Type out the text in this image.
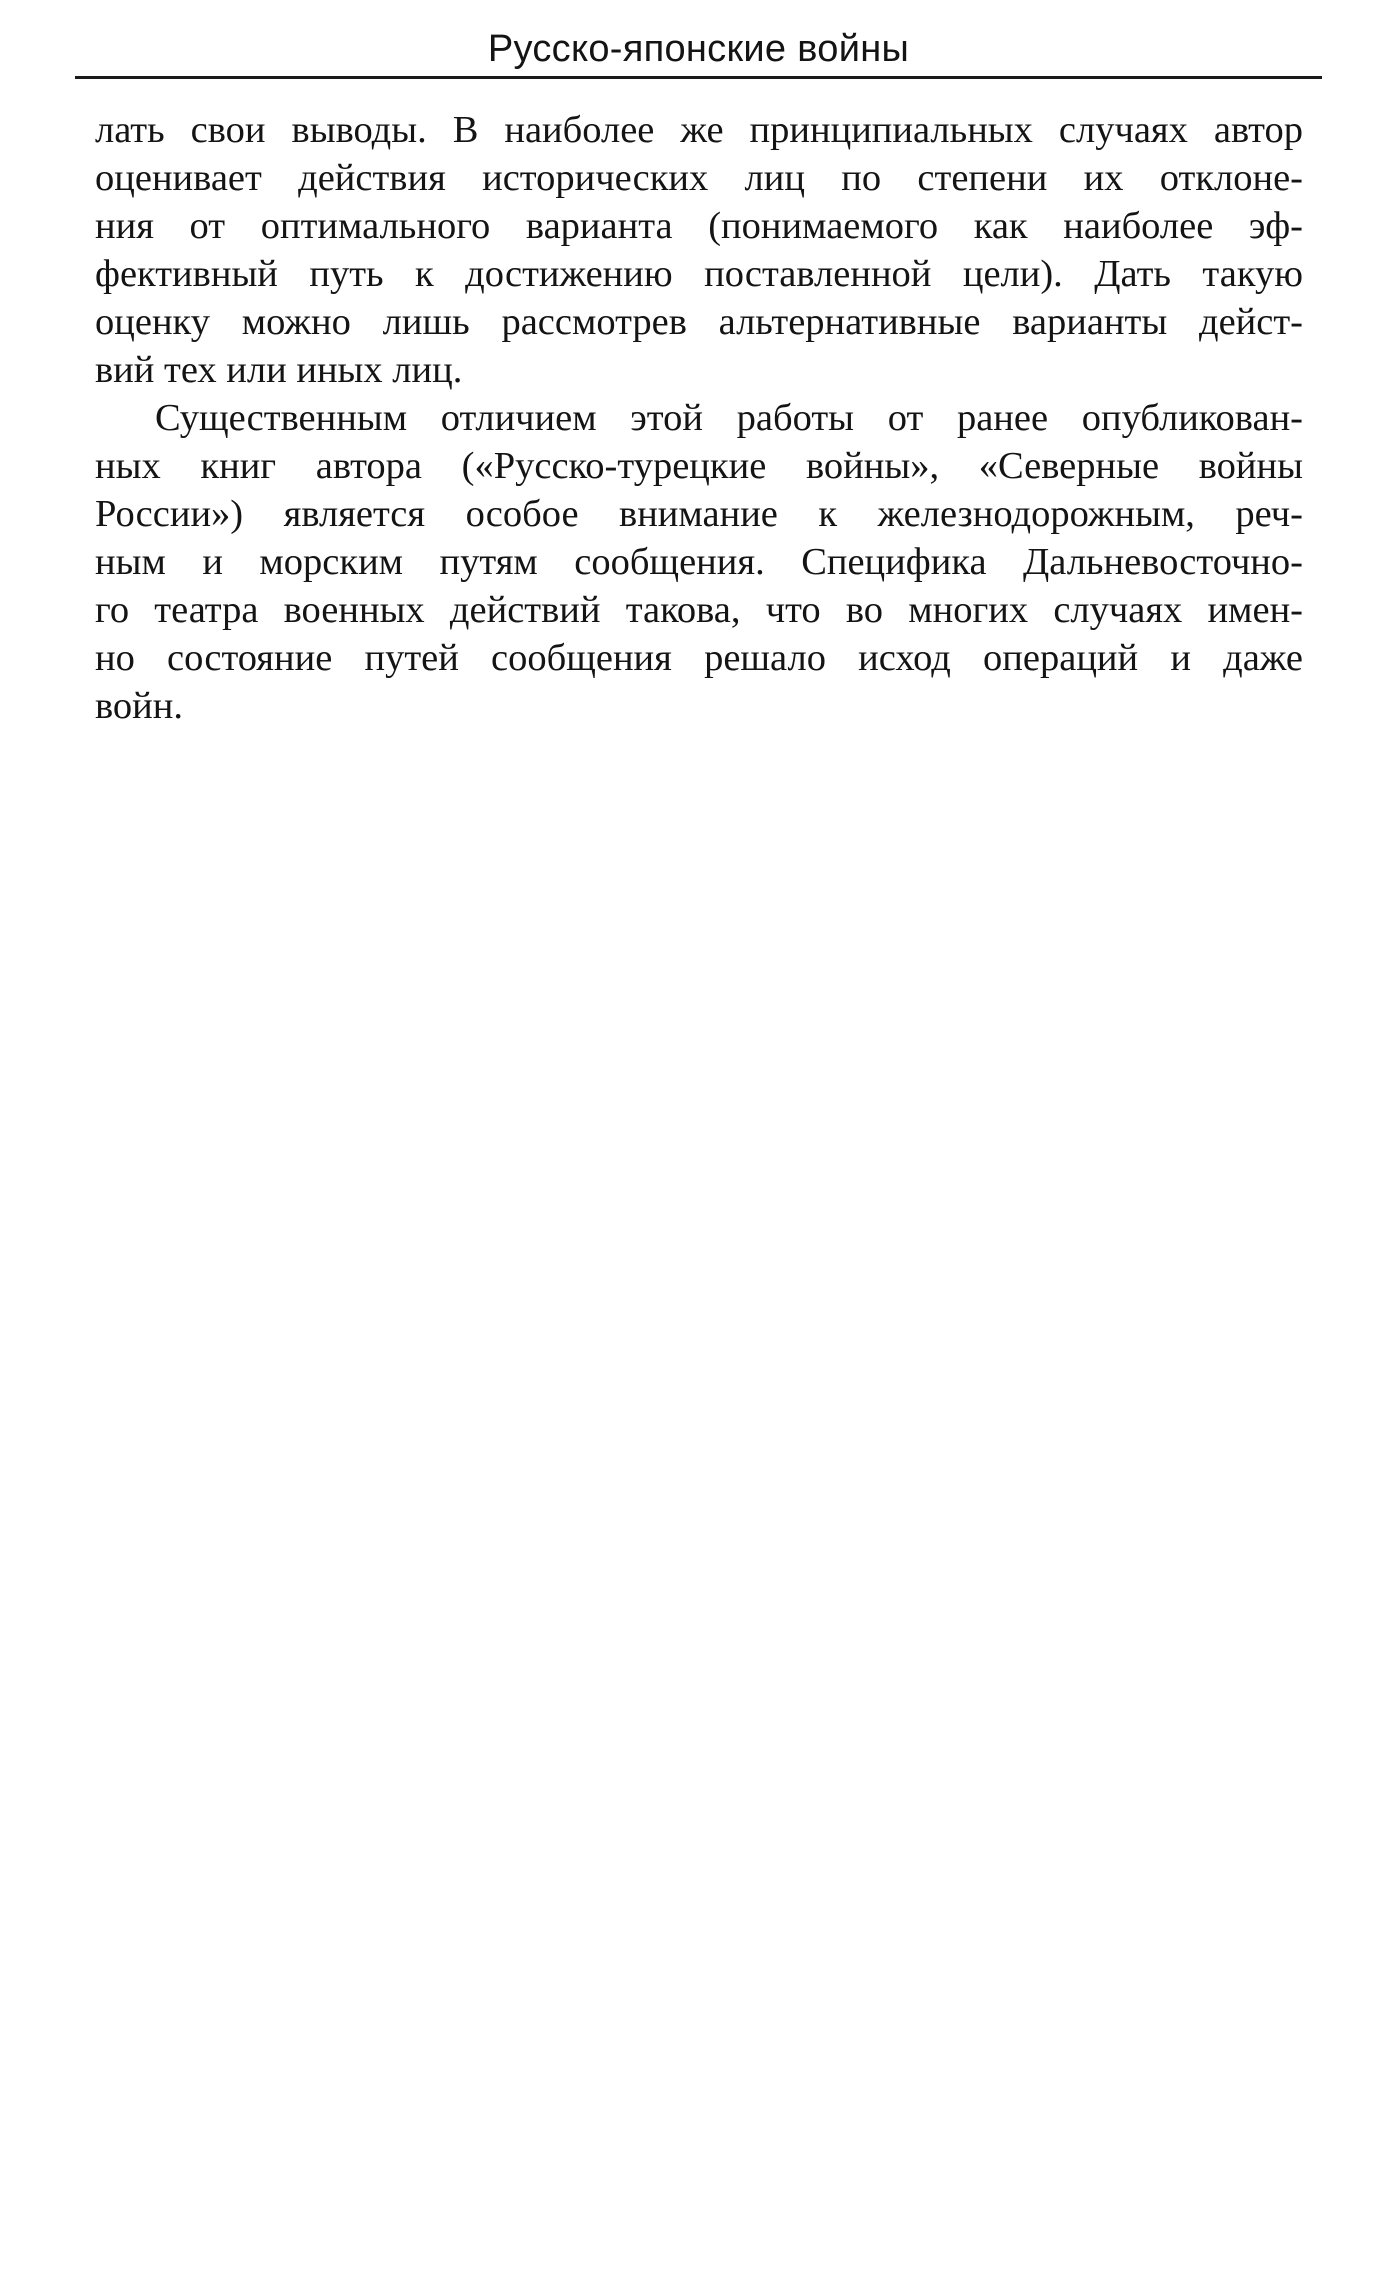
Русско-японские войны
лать свои выводы. В наиболее же принципиальных случаях автор
оценивает действия исторических лиц по степени их отклоне-
ния от оптимального варианта (понимаемого как наиболее эф-
фективный путь к достижению поставленной цели). Дать такую
оценку можно лишь рассмотрев альтернативные варианты дейст-
вий тех или иных лиц.
Существенным отличием этой работы от ранее опубликован-
ных книг автора («Русско-турецкие войны», «Северные войны
России») является особое внимание к железнодорожным, реч-
ным и морским путям сообщения. Специфика Дальневосточно-
го театра военных действий такова, что во многих случаях имен-
но состояние путей сообщения решало исход операций и даже
войн.
